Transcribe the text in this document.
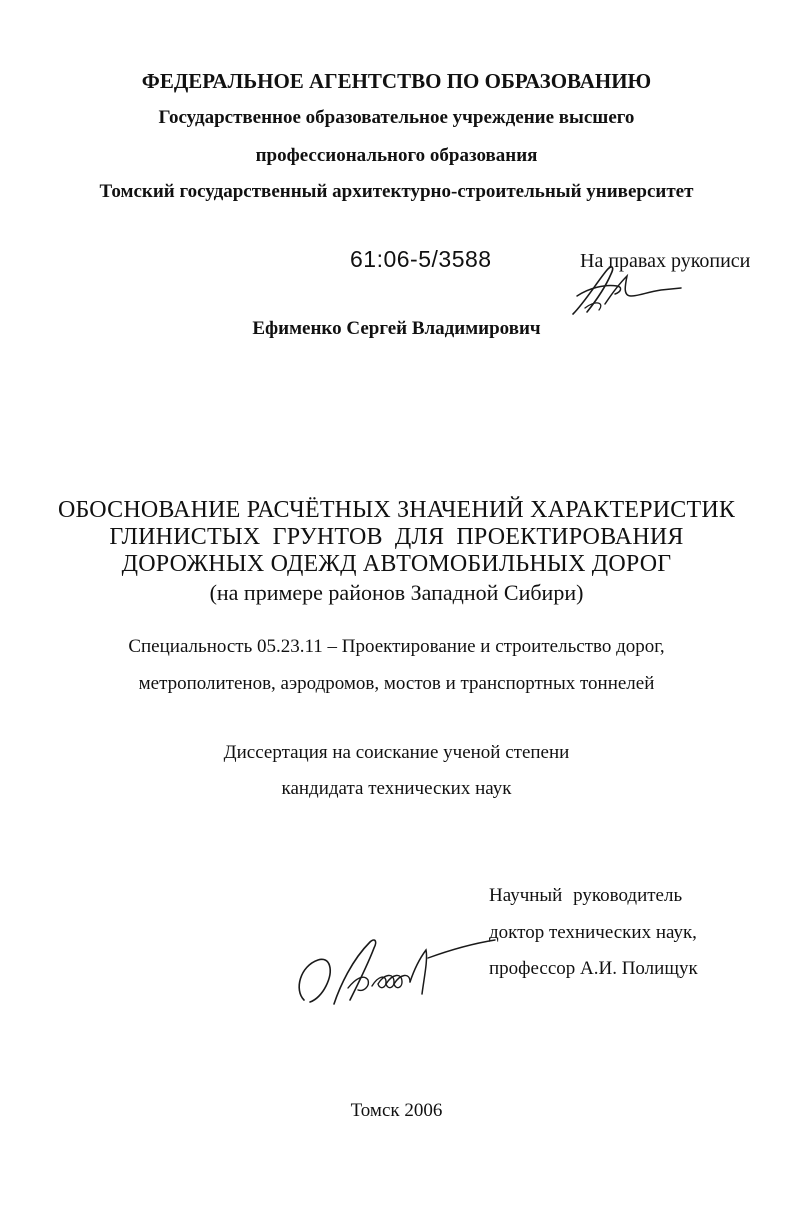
ФЕДЕРАЛЬНОЕ АГЕНТСТВО ПО ОБРАЗОВАНИЮ
Государственное образовательное учреждение высшего
профессионального образования
Томский государственный архитектурно-строительный университет
61:06-5/3588	На правах рукописи
Ефименко Сергей Владимирович
ОБОСНОВАНИЕ РАСЧЁТНЫХ ЗНАЧЕНИЙ ХАРАКТЕРИСТИК
ГЛИНИСТЫХ ГРУНТОВ ДЛЯ ПРОЕКТИРОВАНИЯ
ДОРОЖНЫХ ОДЕЖД АВТОМОБИЛЬНЫХ ДОРОГ
(на примере районов Западной Сибири)
Специальность 05.23.11 – Проектирование и строительство дорог,
метрополитенов, аэродромов, мостов и транспортных тоннелей
Диссертация на соискание ученой степени
кандидата технических наук
Научный руководитель
доктор технических наук,
профессор А.И. Полищук
Томск 2006
